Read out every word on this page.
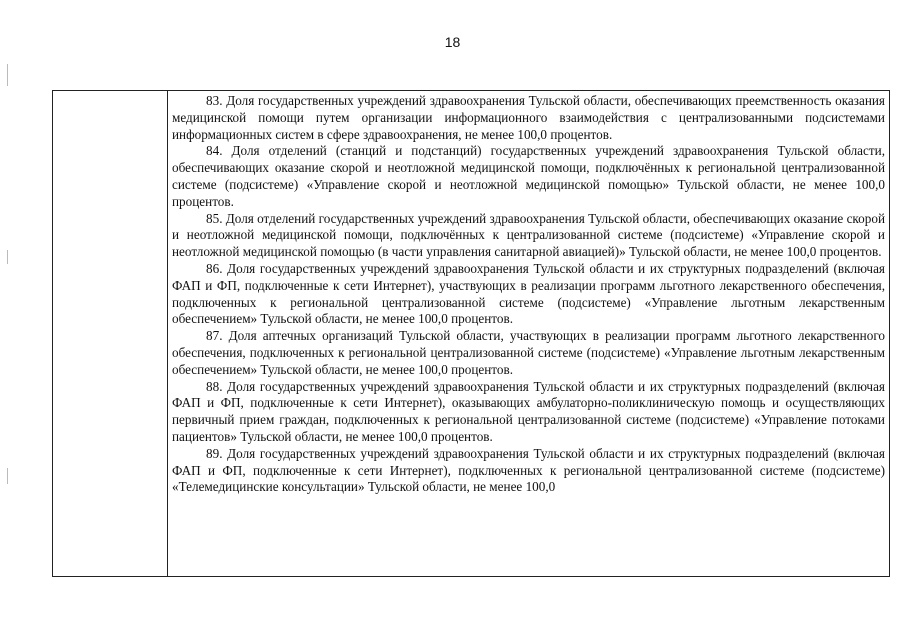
18

83. Доля государственных учреждений здравоохранения Тульской области, обеспечивающих преемственность оказания медицинской помощи путем организации информационного взаимодействия с централизованными подсистемами информационных систем в сфере здравоохранения, не менее 100,0 процентов.

84. Доля отделений (станций и подстанций) государственных учреждений здравоохранения Тульской области, обеспечивающих оказание скорой и неотложной медицинской помощи, подключённых к региональной централизованной системе (подсистеме) «Управление скорой и неотложной медицинской помощью» Тульской области, не менее 100,0 процентов.

85. Доля отделений государственных учреждений здравоохранения Тульской области, обеспечивающих оказание скорой и неотложной медицинской помощи, подключённых к централизованной системе (подсистеме) «Управление скорой и неотложной медицинской помощью (в части управления санитарной авиацией)» Тульской области, не менее 100,0 процентов.

86. Доля государственных учреждений здравоохранения Тульской области и их структурных подразделений (включая ФАП и ФП, подключенные к сети Интернет), участвующих в реализации программ льготного лекарственного обеспечения, подключенных к региональной централизованной системе (подсистеме) «Управление льготным лекарственным обеспечением» Тульской области, не менее 100,0 процентов.

87. Доля аптечных организаций Тульской области, участвующих в реализации программ льготного лекарственного обеспечения, подключенных к региональной централизованной системе (подсистеме) «Управление льготным лекарственным обеспечением» Тульской области, не менее 100,0 процентов.

88. Доля государственных учреждений здравоохранения Тульской области и их структурных подразделений (включая ФАП и ФП, подключенные к сети Интернет), оказывающих амбулаторно-поликлиническую помощь и осуществляющих первичный прием граждан, подключенных к региональной централизованной системе (подсистеме) «Управление потоками пациентов» Тульской области, не менее 100,0 процентов.

89. Доля государственных учреждений здравоохранения Тульской области и их структурных подразделений (включая ФАП и ФП, подключенные к сети Интернет), подключенных к региональной централизованной системе (подсистеме) «Телемедицинские консультации» Тульской области, не менее 100,0
